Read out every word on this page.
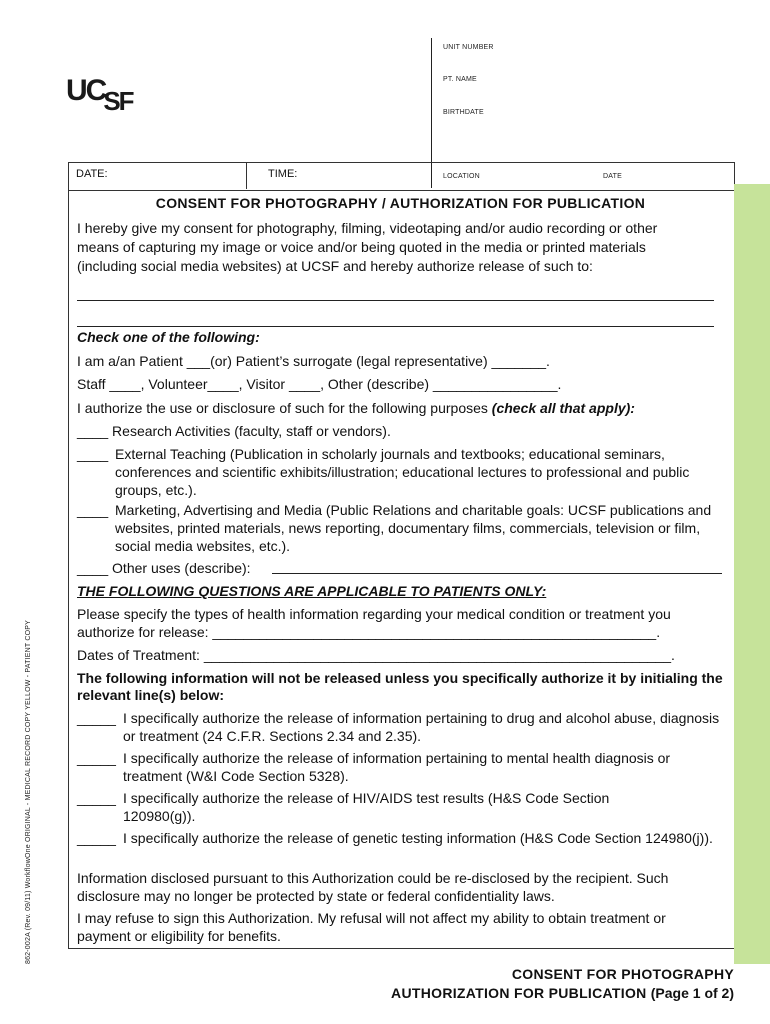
UCSF
UNIT NUMBER
PT. NAME
BIRTHDATE
DATE:	TIME:	LOCATION	DATE
CONSENT FOR PHOTOGRAPHY / AUTHORIZATION FOR PUBLICATION
I hereby give my consent for photography, filming, videotaping and/or audio recording or other
means of capturing my image or voice and/or being quoted in the media or printed materials
(including social media websites) at UCSF and hereby authorize release of such to:
Check one of the following:
I am a/an Patient ___(or) Patient’s surrogate (legal representative) _______.
Staff ____, Volunteer____, Visitor ____, Other (describe) ________________.
I authorize the use or disclosure of such for the following purposes (check all that apply):
____ Research Activities (faculty, staff or vendors).
____ External Teaching (Publication in scholarly journals and textbooks; educational seminars, conferences and scientific exhibits/illustration; educational lectures to professional and public groups, etc.).
____ Marketing, Advertising and Media (Public Relations and charitable goals: UCSF publications and websites, printed materials, news reporting, documentary films, commercials, television or film, social media websites, etc.).
____ Other uses (describe):
THE FOLLOWING QUESTIONS ARE APPLICABLE TO PATIENTS ONLY:
Please specify the types of health information regarding your medical condition or treatment you
authorize for release: _________________________________________________________.
Dates of Treatment: ____________________________________________________________.
The following information will not be released unless you specifically authorize it by initialing the
relevant line(s) below:
_____ I specifically authorize the release of information pertaining to drug and alcohol abuse, diagnosis or treatment (24 C.F.R. Sections 2.34 and 2.35).
_____ I specifically authorize the release of information pertaining to mental health diagnosis or treatment (W&I Code Section 5328).
_____ I specifically authorize the release of HIV/AIDS test results (H&S Code Section 120980(g)).
_____ I specifically authorize the release of genetic testing information (H&S Code Section 124980(j)).
Information disclosed pursuant to this Authorization could be re-disclosed by the recipient. Such
disclosure may no longer be protected by state or federal confidentiality laws.
I may refuse to sign this Authorization. My refusal will not affect my ability to obtain treatment or
payment or eligibility for benefits.
862-002A (Rev. 09/11) WorkflowOne ORIGINAL - MEDICAL RECORD COPY YELLOW - PATIENT COPY
CONSENT FOR PHOTOGRAPHY
AUTHORIZATION FOR PUBLICATION (Page 1 of 2)
